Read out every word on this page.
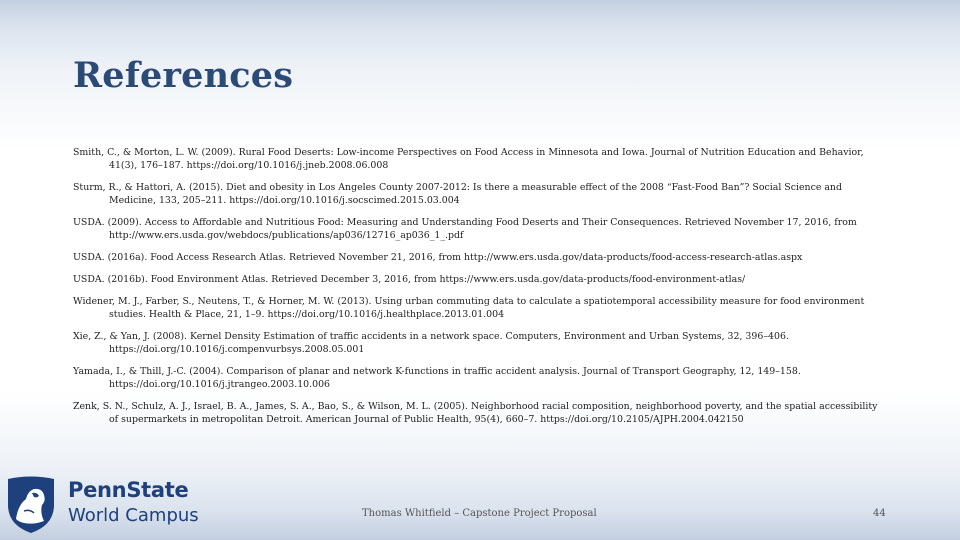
References
Smith, C., & Morton, L. W. (2009). Rural Food Deserts: Low-income Perspectives on Food Access in Minnesota and Iowa. Journal of Nutrition Education and Behavior, 41(3), 176–187. https://doi.org/10.1016/j.jneb.2008.06.008
Sturm, R., & Hattori, A. (2015). Diet and obesity in Los Angeles County 2007-2012: Is there a measurable effect of the 2008 “Fast-Food Ban”? Social Science and Medicine, 133, 205–211. https://doi.org/10.1016/j.socscimed.2015.03.004
USDA. (2009). Access to Affordable and Nutritious Food: Measuring and Understanding Food Deserts and Their Consequences. Retrieved November 17, 2016, from http://www.ers.usda.gov/webdocs/publications/ap036/12716_ap036_1_.pdf
USDA. (2016a). Food Access Research Atlas. Retrieved November 21, 2016, from http://www.ers.usda.gov/data-products/food-access-research-atlas.aspx
USDA. (2016b). Food Environment Atlas. Retrieved December 3, 2016, from https://www.ers.usda.gov/data-products/food-environment-atlas/
Widener, M. J., Farber, S., Neutens, T., & Horner, M. W. (2013). Using urban commuting data to calculate a spatiotemporal accessibility measure for food environment studies. Health & Place, 21, 1–9. https://doi.org/10.1016/j.healthplace.2013.01.004
Xie, Z., & Yan, J. (2008). Kernel Density Estimation of traffic accidents in a network space. Computers, Environment and Urban Systems, 32, 396–406. https://doi.org/10.1016/j.compenvurbsys.2008.05.001
Yamada, I., & Thill, J.-C. (2004). Comparison of planar and network K-functions in traffic accident analysis. Journal of Transport Geography, 12, 149–158. https://doi.org/10.1016/j.jtrangeo.2003.10.006
Zenk, S. N., Schulz, A. J., Israel, B. A., James, S. A., Bao, S., & Wilson, M. L. (2005). Neighborhood racial composition, neighborhood poverty, and the spatial accessibility of supermarkets in metropolitan Detroit. American Journal of Public Health, 95(4), 660–7. https://doi.org/10.2105/AJPH.2004.042150
PennState
World Campus	Thomas Whitfield – Capstone Project Proposal	44
